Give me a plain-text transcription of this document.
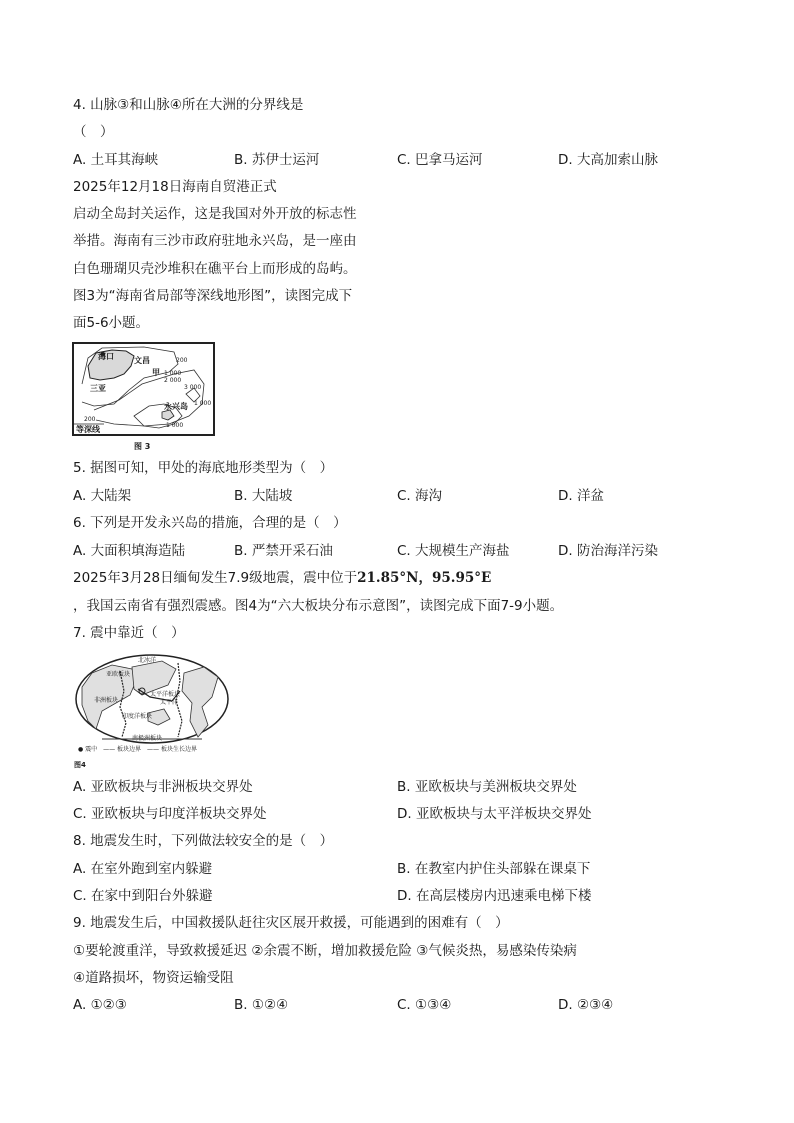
4. 山脉③和山脉④所在大洲的分界线是
（　）
A. 土耳其海峡	B. 苏伊士运河	C. 巴拿马运河	D. 大高加索山脉
2025年12月18日海南自贸港正式
启动全岛封关运作，这是我国对外开放的标志性
举措。海南有三沙市政府驻地永兴岛，是一座由
白色珊瑚贝壳沙堆积在礁平台上而形成的岛屿。
图3为“海南省局部等深线地形图”，读图完成下
面5-6小题。
海口	文昌
三亚
甲
永兴岛
200
1 000
2 000
3 000
1 000
200
1 000
等深线
图 3
5. 据图可知，甲处的海底地形类型为（　）
A. 大陆架	B. 大陆坡	C. 海沟	D. 洋盆
6. 下列是开发永兴岛的措施，合理的是（　）
A. 大面积填海造陆	B. 严禁开采石油	C. 大规模生产海盐	D. 防治海洋污染
2025年3月28日缅甸发生7.9级地震，震中位于21.85°N，95.95°E
，我国云南省有强烈震感。图4为“六大板块分布示意图”，读图完成下面7-9小题。
7. 震中靠近（　）
北冰洋
亚欧板块
太平洋板块
太平洋
非洲板块
印度洋板块
南极洲板块
● 震中　—— 板块边界　—— 板块生长边界
图4
A. 亚欧板块与非洲板块交界处	B. 亚欧板块与美洲板块交界处
C. 亚欧板块与印度洋板块交界处	D. 亚欧板块与太平洋板块交界处
8. 地震发生时，下列做法较安全的是（　）
A. 在室外跑到室内躲避	B. 在教室内护住头部躲在课桌下
C. 在家中到阳台外躲避	D. 在高层楼房内迅速乘电梯下楼
9. 地震发生后，中国救援队赶往灾区展开救援，可能遇到的困难有（　）
①要轮渡重洋，导致救援延迟 ②余震不断，增加救援危险 ③气候炎热，易感染传染病
④道路损坏，物资运输受阻
A. ①②③	B. ①②④	C. ①③④	D. ②③④
